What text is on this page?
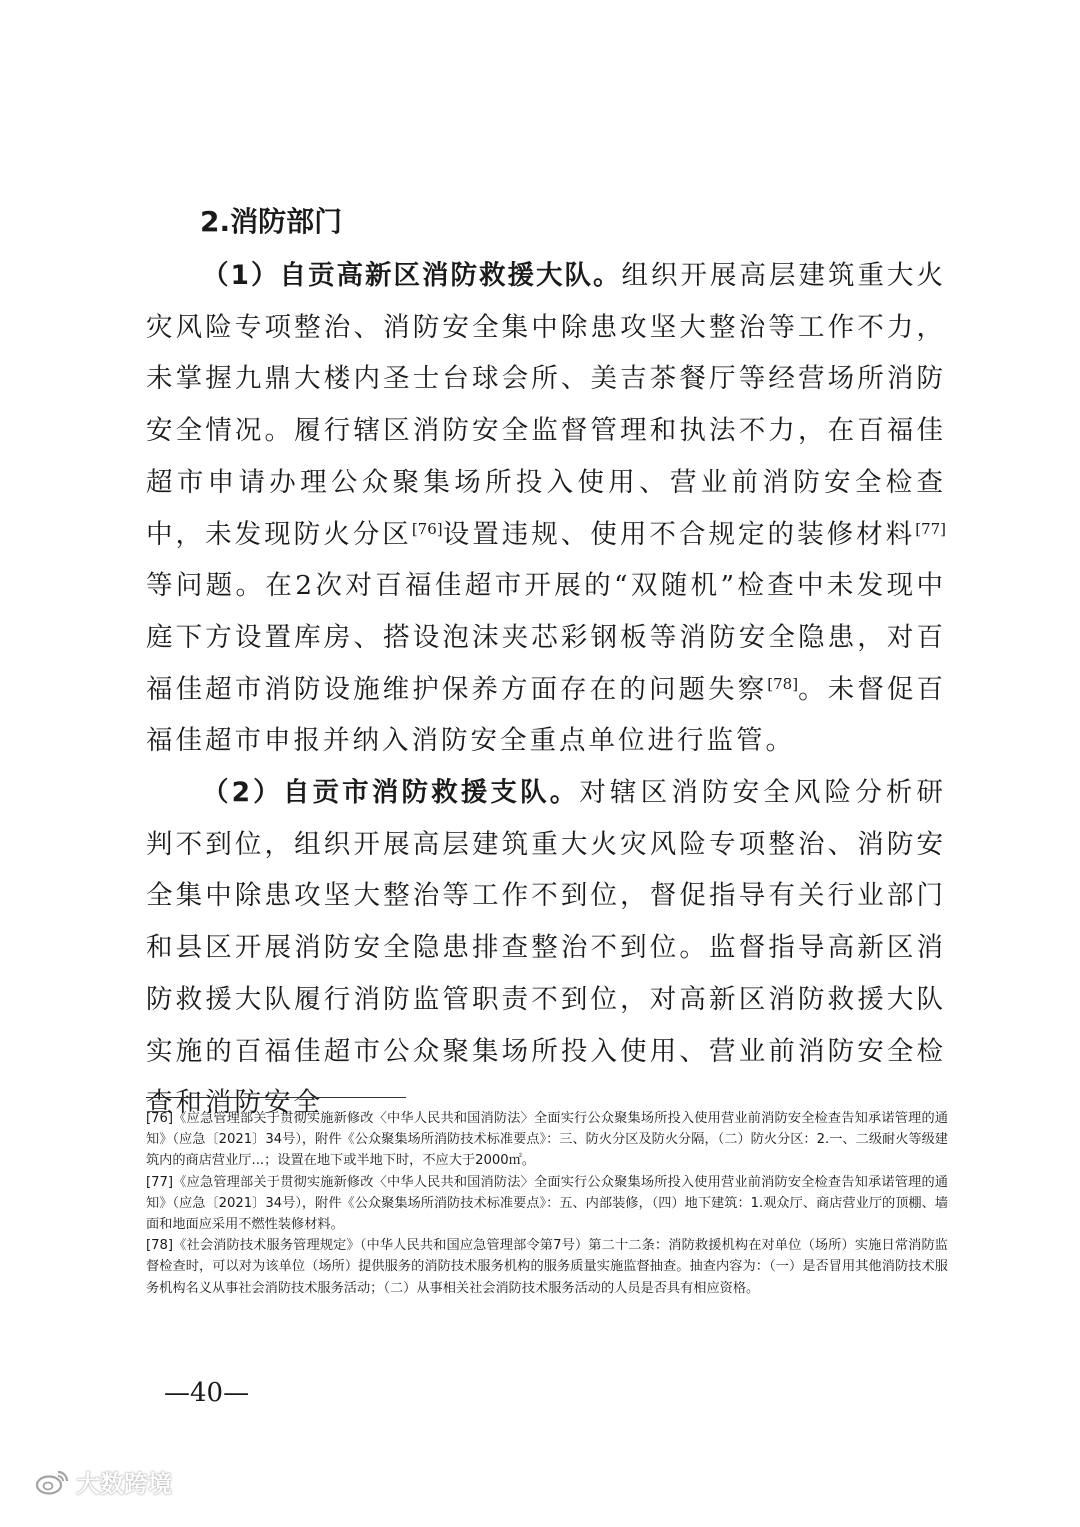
2.消防部门

（1）自贡高新区消防救援大队。组织开展高层建筑重大火灾风险专项整治、消防安全集中除患攻坚大整治等工作不力，未掌握九鼎大楼内圣士台球会所、美吉茶餐厅等经营场所消防安全情况。履行辖区消防安全监督管理和执法不力，在百福佳超市申请办理公众聚集场所投入使用、营业前消防安全检查中，未发现防火分区[76]设置违规、使用不合规定的装修材料[77]等问题。在2次对百福佳超市开展的“双随机”检查中未发现中庭下方设置库房、搭设泡沫夹芯彩钢板等消防安全隐患，对百福佳超市消防设施维护保养方面存在的问题失察[78]。未督促百福佳超市申报并纳入消防安全重点单位进行监管。

（2）自贡市消防救援支队。对辖区消防安全风险分析研判不到位，组织开展高层建筑重大火灾风险专项整治、消防安全集中除患攻坚大整治等工作不到位，督促指导有关行业部门和县区开展消防安全隐患排查整治不到位。监督指导高新区消防救援大队履行消防监管职责不到位，对高新区消防救援大队实施的百福佳超市公众聚集场所投入使用、营业前消防安全检查和消防安全

[76]《应急管理部关于贯彻实施新修改〈中华人民共和国消防法〉全面实行公众聚集场所投入使用营业前消防安全检查告知承诺管理的通知》（应急〔2021〕34号），附件《公众聚集场所消防技术标准要点》：三、防火分区及防火分隔，（二）防火分区：2.一、二级耐火等级建筑内的商店营业厅...；设置在地下或半地下时，不应大于2000㎡。

[77]《应急管理部关于贯彻实施新修改〈中华人民共和国消防法〉全面实行公众聚集场所投入使用营业前消防安全检查告知承诺管理的通知》（应急〔2021〕34号），附件《公众聚集场所消防技术标准要点》：五、内部装修，（四）地下建筑：1.观众厅、商店营业厅的顶棚、墙面和地面应采用不燃性装修材料。

[78]《社会消防技术服务管理规定》（中华人民共和国应急管理部令第7号）第二十二条：消防救援机构在对单位（场所）实施日常消防监督检查时，可以对为该单位（场所）提供服务的消防技术服务机构的服务质量实施监督抽查。抽查内容为：（一）是否冒用其他消防技术服务机构名义从事社会消防技术服务活动；（二）从事相关社会消防技术服务活动的人员是否具有相应资格。

—40—

大数跨境
